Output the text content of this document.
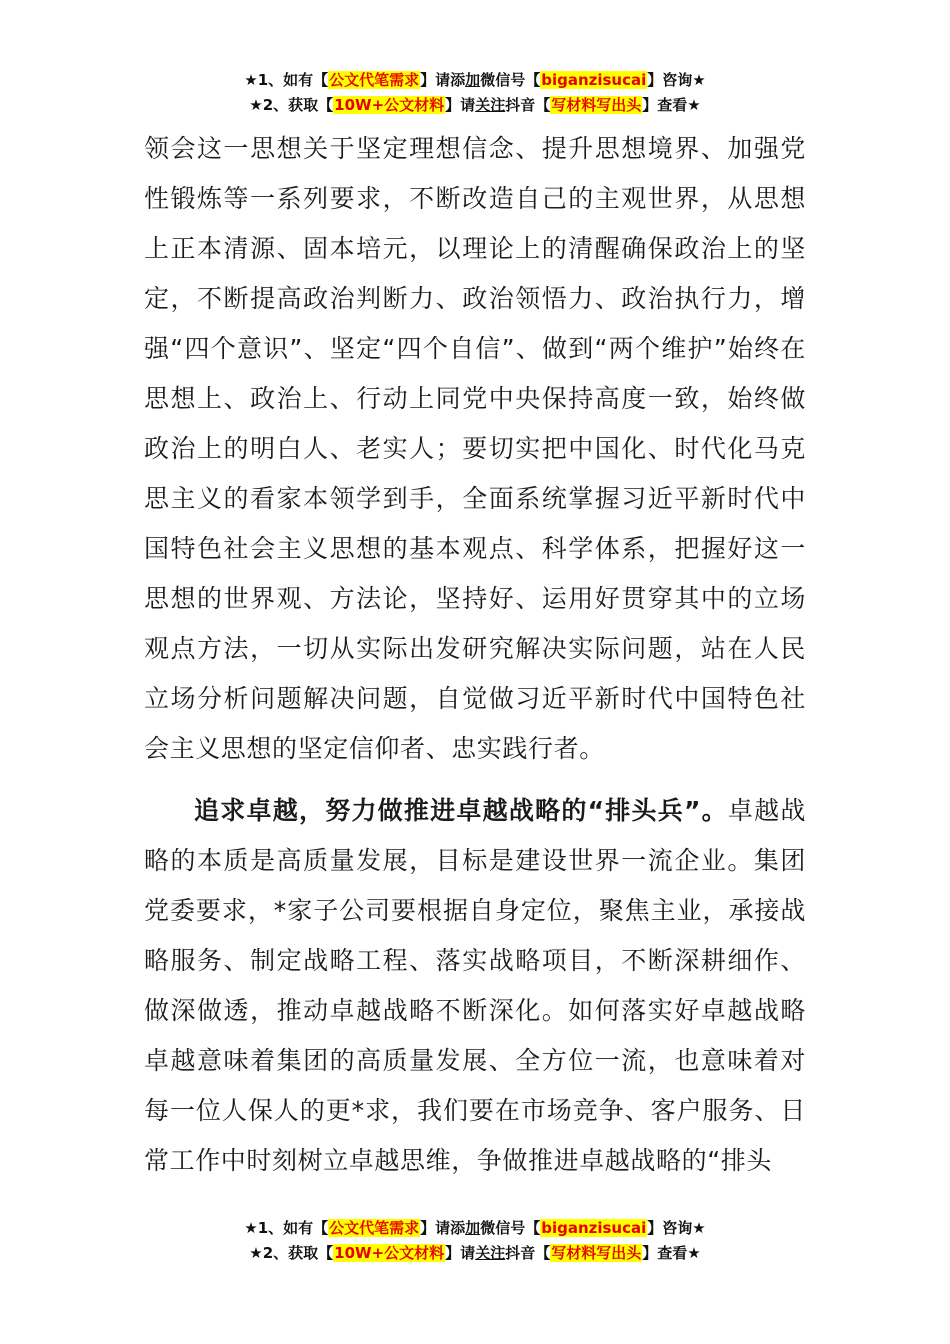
★1、如有【公文代笔需求】请添加微信号【biganzisucai】咨询★
★2、获取【10W+公文材料】请关注抖音【写材料写出头】查看★

领会这一思想关于坚定理想信念、提升思想境界、加强党性锻炼等一系列要求，不断改造自己的主观世界，从思想上正本清源、固本培元，以理论上的清醒确保政治上的坚定，不断提高政治判断力、政治领悟力、政治执行力，增强“四个意识”、坚定“四个自信”、做到“两个维护”始终在思想上、政治上、行动上同党中央保持高度一致，始终做政治上的明白人、老实人；要切实把中国化、时代化马克思主义的看家本领学到手，全面系统掌握习近平新时代中国特色社会主义思想的基本观点、科学体系，把握好这一思想的世界观、方法论，坚持好、运用好贯穿其中的立场观点方法，一切从实际出发研究解决实际问题，站在人民立场分析问题解决问题，自觉做习近平新时代中国特色社会主义思想的坚定信仰者、忠实践行者。

追求卓越，努力做推进卓越战略的“排头兵”。卓越战略的本质是高质量发展，目标是建设世界一流企业。集团党委要求，*家子公司要根据自身定位，聚焦主业，承接战略服务、制定战略工程、落实战略项目，不断深耕细作、做深做透，推动卓越战略不断深化。如何落实好卓越战略卓越意味着集团的高质量发展、全方位一流，也意味着对每一位人保人的更*求，我们要在市场竞争、客户服务、日常工作中时刻树立卓越思维，争做推进卓越战略的“排头

★1、如有【公文代笔需求】请添加微信号【biganzisucai】咨询★
★2、获取【10W+公文材料】请关注抖音【写材料写出头】查看★
